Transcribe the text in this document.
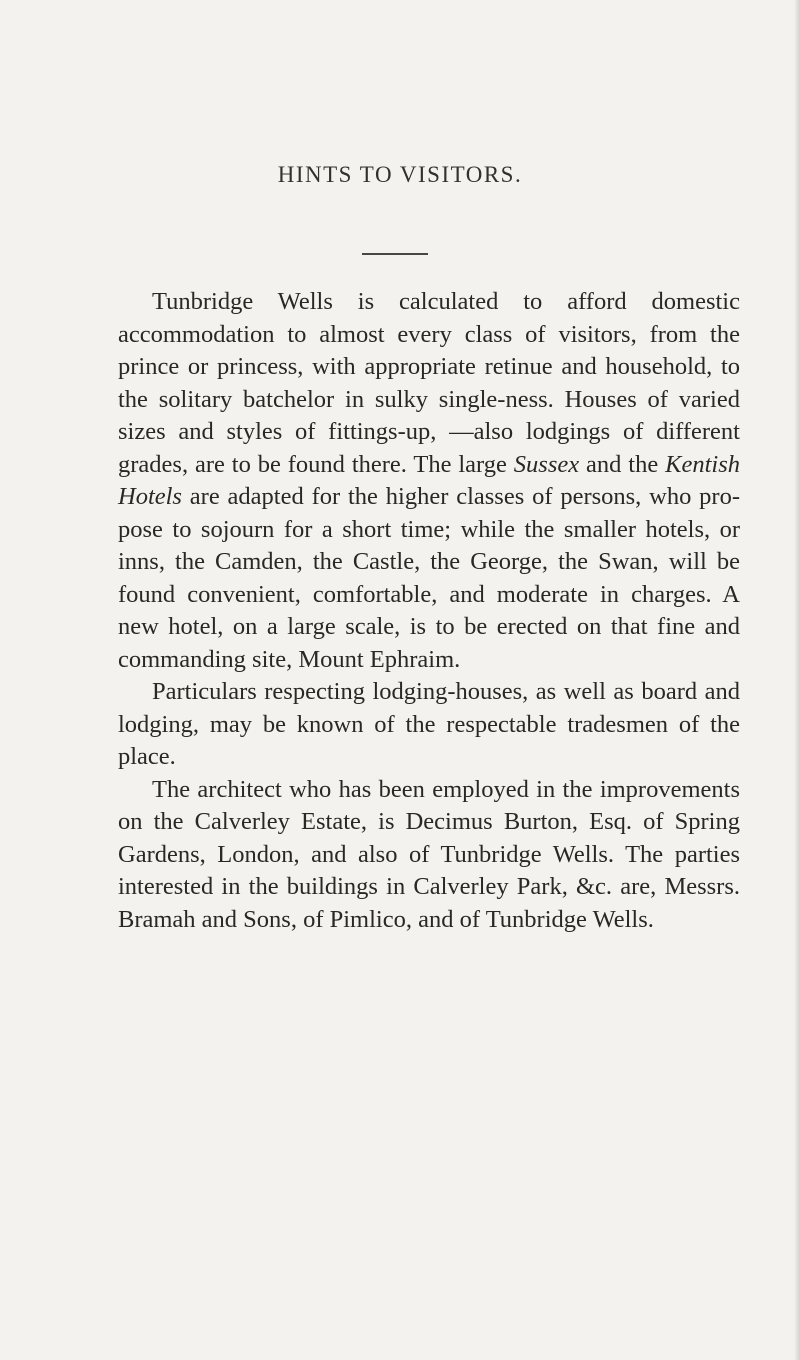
HINTS TO VISITORS.

Tunbridge Wells is calculated to afford domestic accommodation to almost every class of visitors, from the prince or princess, with appropriate retinue and household, to the solitary batchelor in sulky single-ness. Houses of varied sizes and styles of fittings-up, —also lodgings of different grades, are to be found there. The large Sussex and the Kentish Hotels are adapted for the higher classes of persons, who pro-pose to sojourn for a short time; while the smaller hotels, or inns, the Camden, the Castle, the George, the Swan, will be found convenient, comfortable, and moderate in charges. A new hotel, on a large scale, is to be erected on that fine and commanding site, Mount Ephraim.

Particulars respecting lodging-houses, as well as board and lodging, may be known of the respectable tradesmen of the place.

The architect who has been employed in the improvements on the Calverley Estate, is Decimus Burton, Esq. of Spring Gardens, London, and also of Tunbridge Wells. The parties interested in the buildings in Calverley Park, &c. are, Messrs. Bramah and Sons, of Pimlico, and of Tunbridge Wells.
